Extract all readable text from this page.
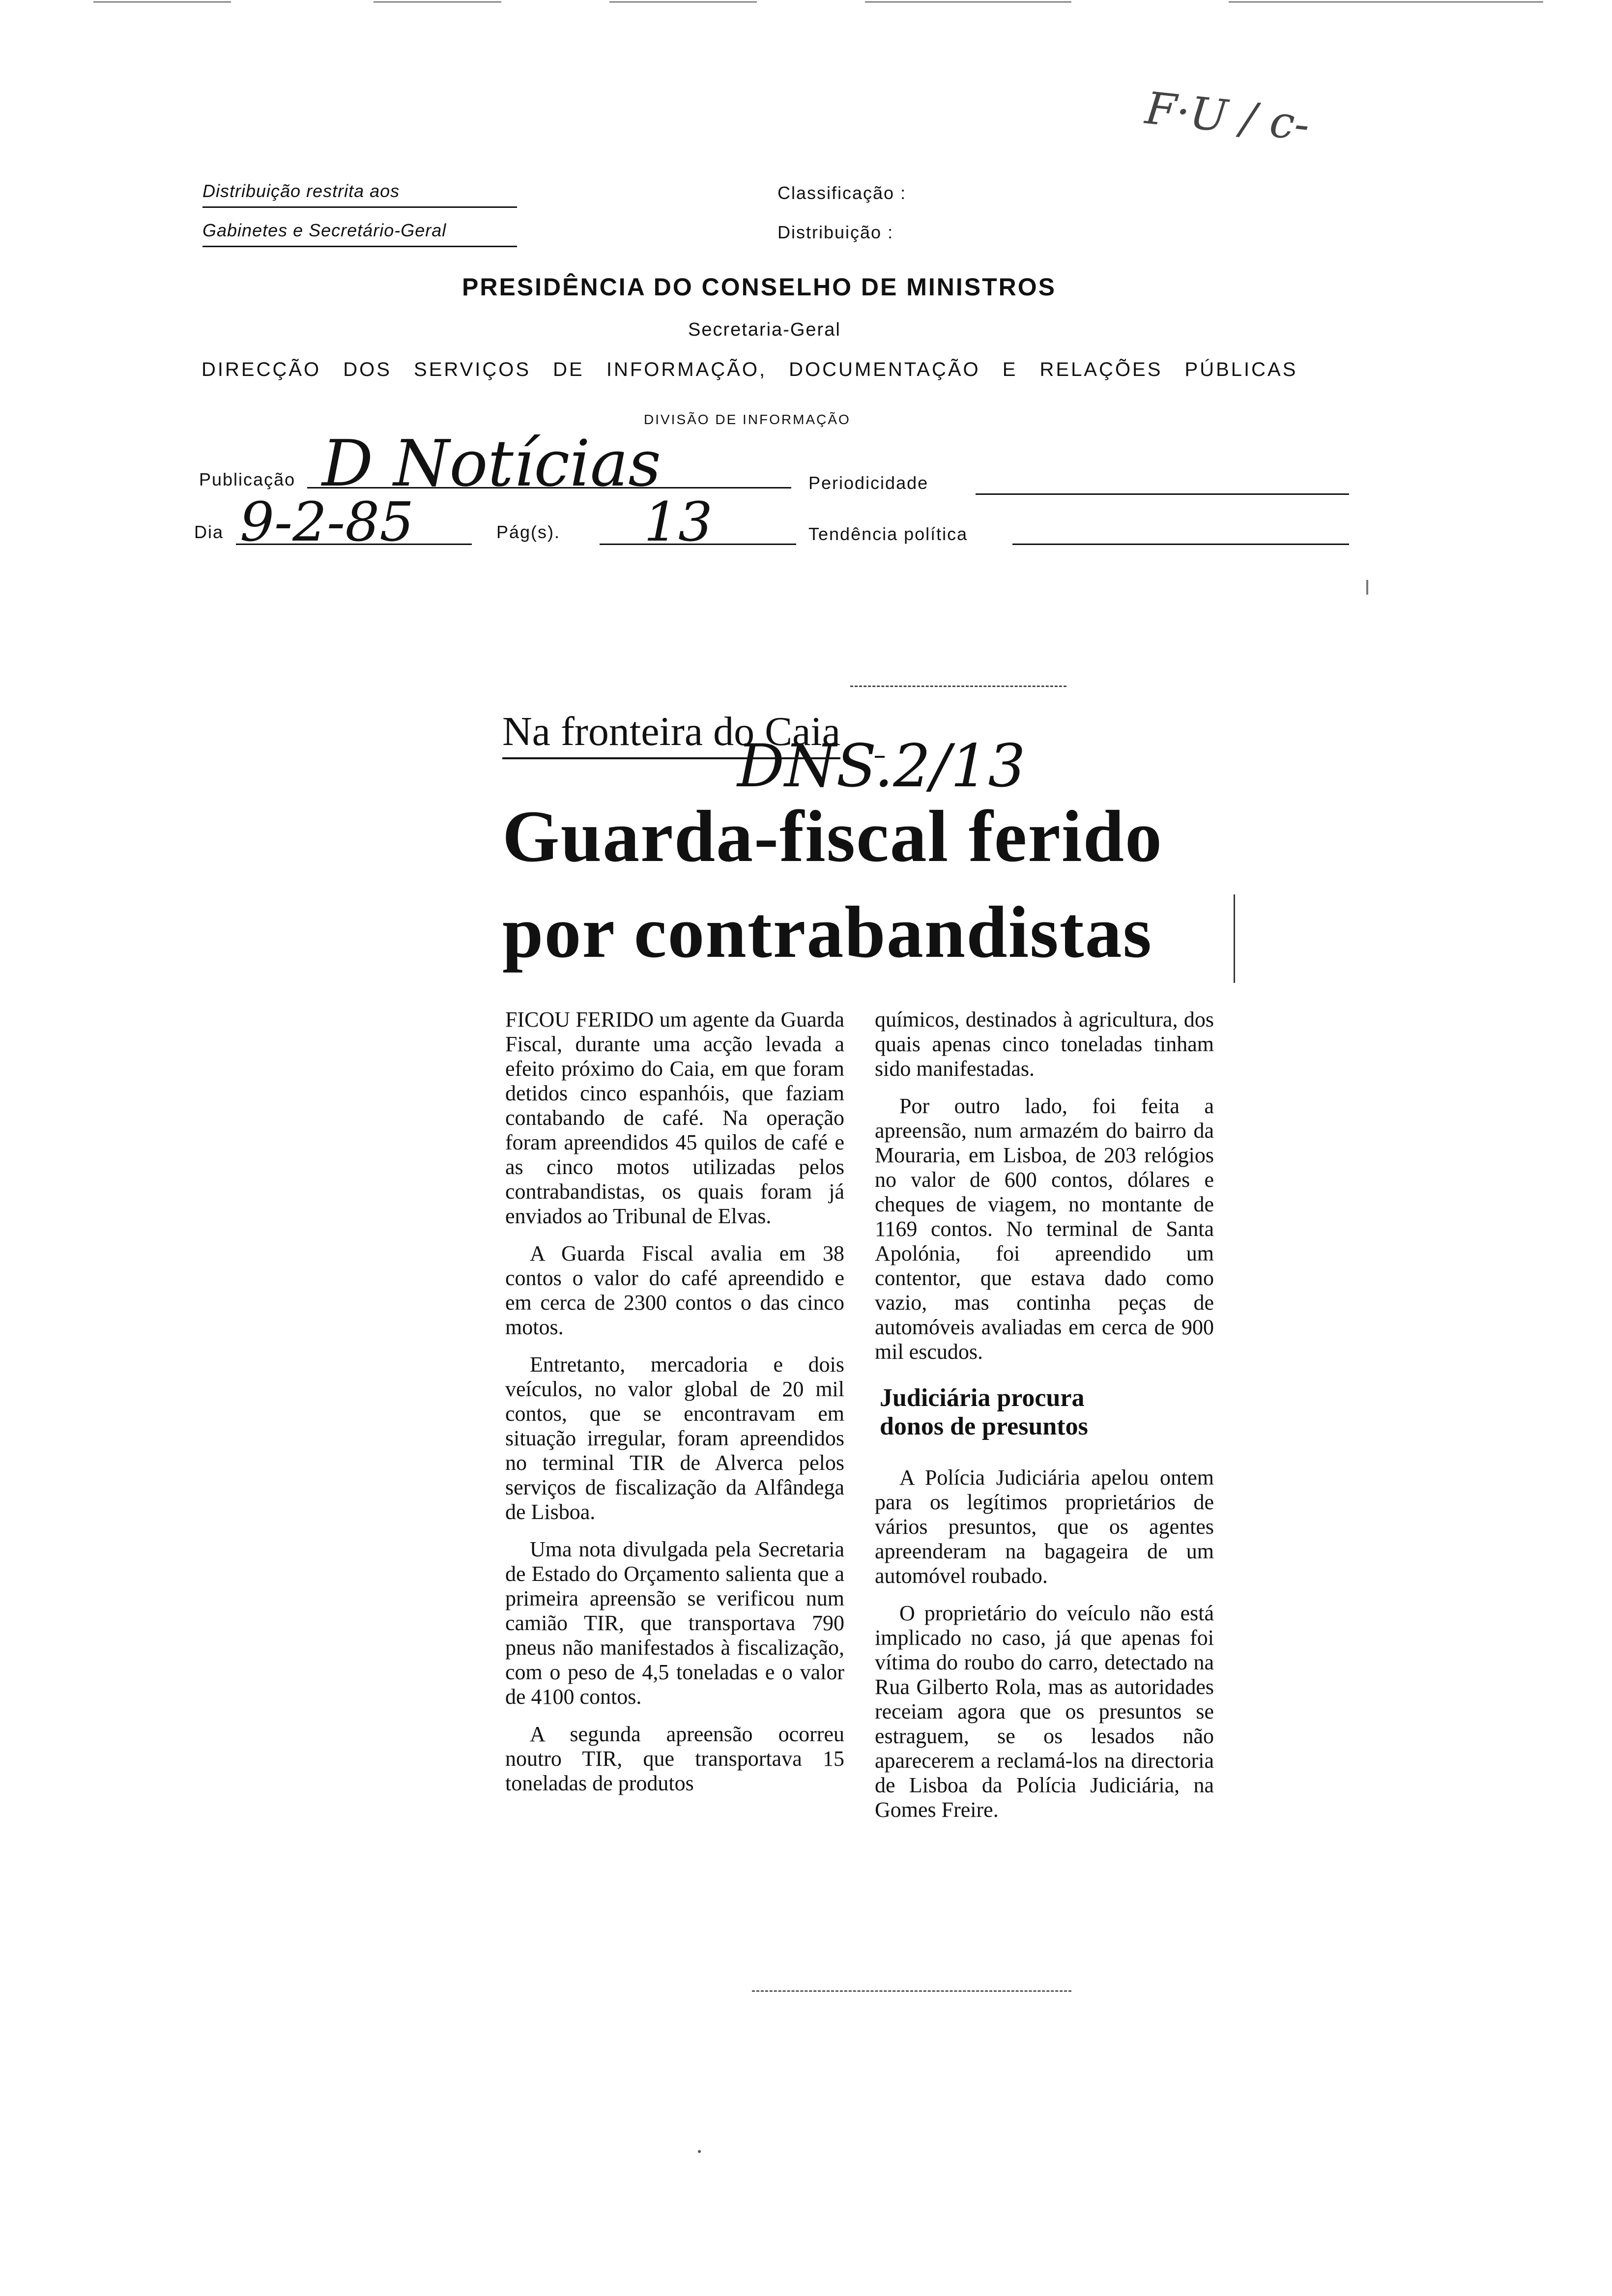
F·U / c-
Distribuição restrita aos
Gabinetes e Secretário-Geral
Classificação :
Distribuição :
PRESIDÊNCIA DO CONSELHO DE MINISTROS
Secretaria-Geral
DIRECÇÃO DOS SERVIÇOS DE INFORMAÇÃO, DOCUMENTAÇÃO E RELAÇÕES PÚBLICAS
DIVISÃO DE INFORMAÇÃO
Publicação D Notícias	Periodicidade
Dia 9-2-85	Pág(s). 13	Tendência política
Na fronteira do Caia
DNS.2/13
Guarda-fiscal ferido
por contrabandistas

FICOU FERIDO um agente da Guarda Fiscal, durante uma acção levada a efeito próximo do Caia, em que foram detidos cinco espanhóis, que faziam contabando de café. Na operação foram apreendidos 45 quilos de café e as cinco motos utilizadas pelos contrabandistas, os quais foram já enviados ao Tribunal de Elvas.

A Guarda Fiscal avalia em 38 contos o valor do café apreendido e em cerca de 2300 contos o das cinco motos.

Entretanto, mercadoria e dois veículos, no valor global de 20 mil contos, que se encontravam em situação irregular, foram apreendidos no terminal TIR de Alverca pelos serviços de fiscalização da Alfândega de Lisboa.

Uma nota divulgada pela Secretaria de Estado do Orçamento salienta que a primeira apreensão se verificou num camião TIR, que transportava 790 pneus não manifestados à fiscalização, com o peso de 4,5 toneladas e o valor de 4100 contos.

A segunda apreensão ocorreu noutro TIR, que transportava 15 toneladas de produtos

químicos, destinados à agricultura, dos quais apenas cinco toneladas tinham sido manifestadas.

Por outro lado, foi feita a apreensão, num armazém do bairro da Mouraria, em Lisboa, de 203 relógios no valor de 600 contos, dólares e cheques de viagem, no montante de 1169 contos. No terminal de Santa Apolónia, foi apreendido um contentor, que estava dado como vazio, mas continha peças de automóveis avaliadas em cerca de 900 mil escudos.

Judiciária procura donos de presuntos

A Polícia Judiciária apelou ontem para os legítimos proprietários de vários presuntos, que os agentes apreenderam na bagageira de um automóvel roubado.

O proprietário do veículo não está implicado no caso, já que apenas foi vítima do roubo do carro, detectado na Rua Gilberto Rola, mas as autoridades receiam agora que os presuntos se estraguem, se os lesados não aparecerem a reclamá-los na directoria de Lisboa da Polícia Judiciária, na Gomes Freire.
